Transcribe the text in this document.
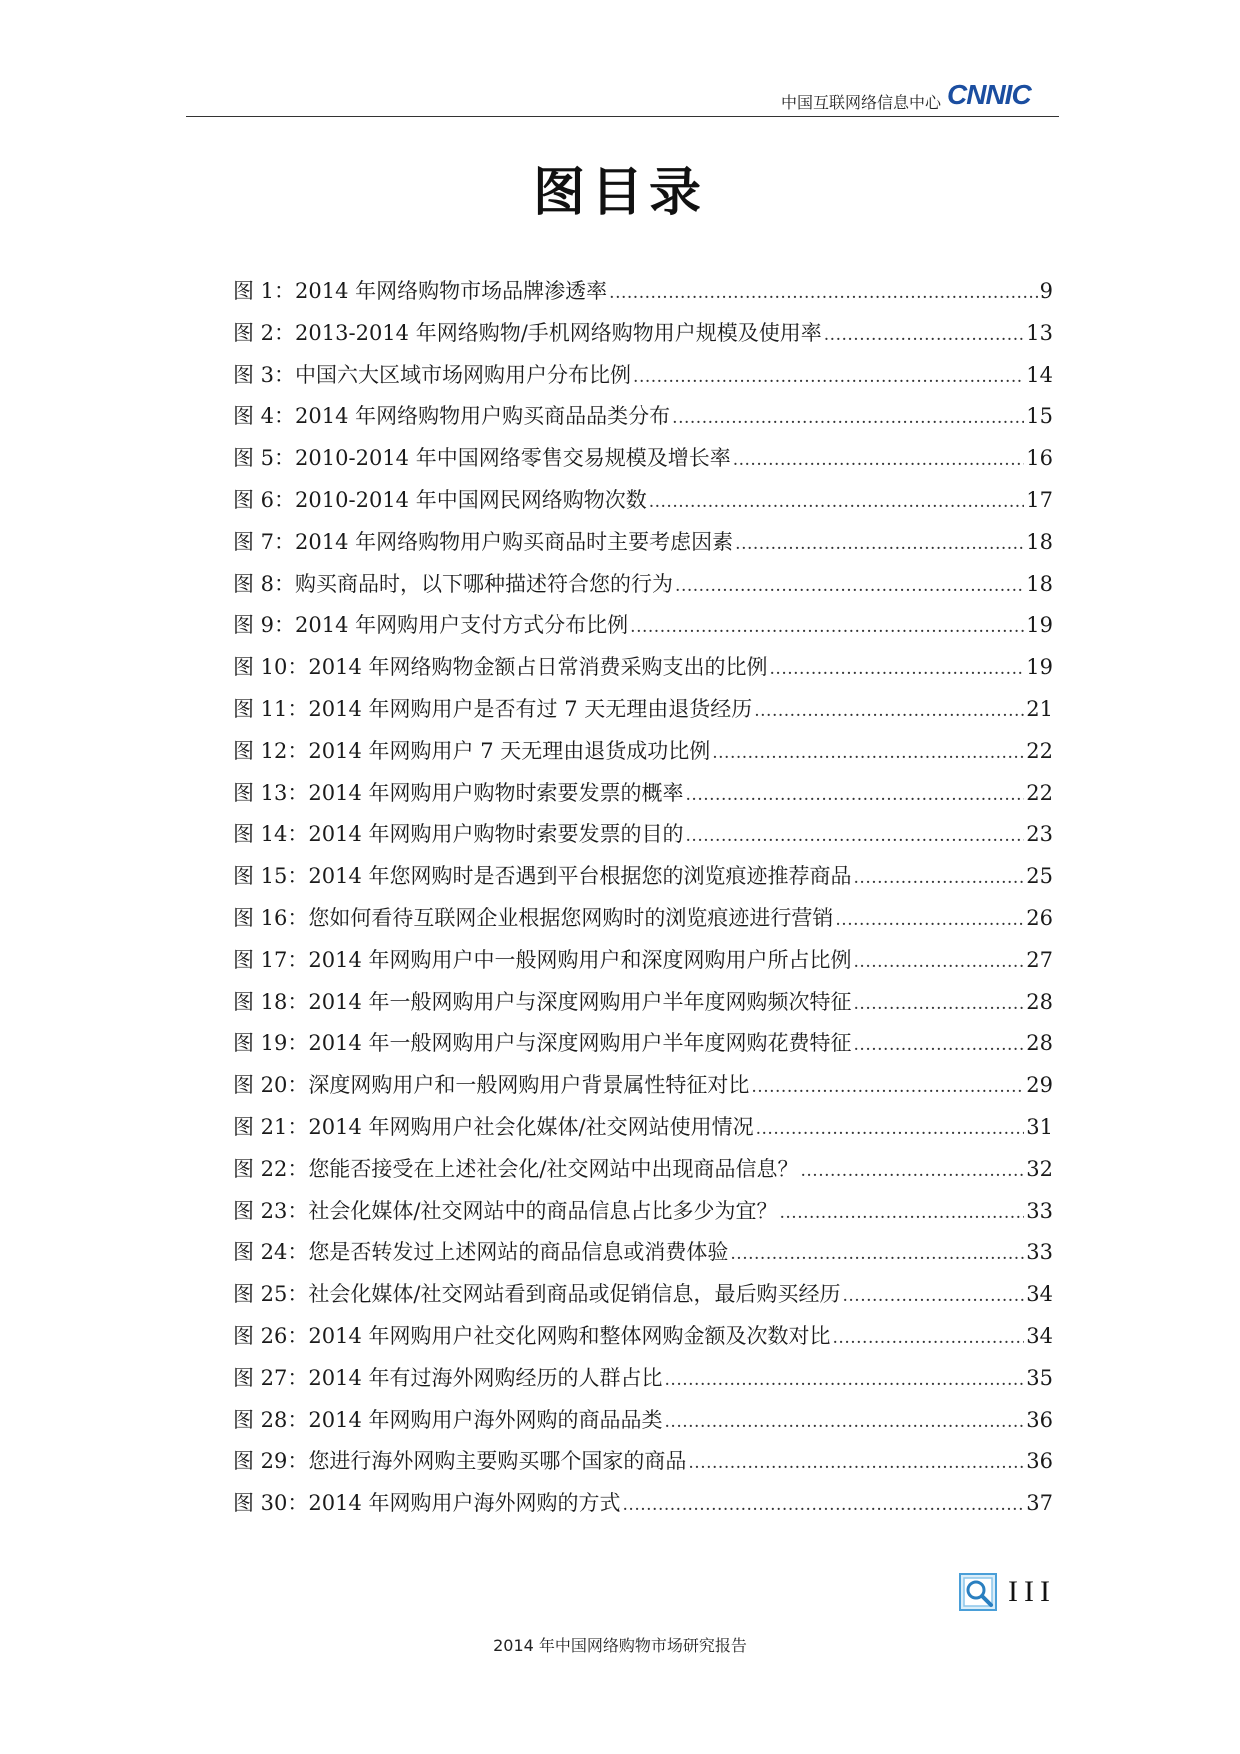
中国互联网络信息中心 CNNIC
图目录
图 1： 2014 年网络购物市场品牌渗透率 .....	9
图 2： 2013-2014 年网络购物/手机网络购物用户规模及使用率 .....	13
图 3： 中国六大区域市场网购用户分布比例 .....	14
图 4： 2014 年网络购物用户购买商品品类分布 .....	15
图 5： 2010-2014 年中国网络零售交易规模及增长率 .....	16
图 6： 2010-2014 年中国网民网络购物次数 .....	17
图 7： 2014 年网络购物用户购买商品时主要考虑因素 .....	18
图 8： 购买商品时，以下哪种描述符合您的行为 .....	18
图 9： 2014 年网购用户支付方式分布比例 .....	19
图 10： 2014 年网络购物金额占日常消费采购支出的比例 .....	19
图 11： 2014 年网购用户是否有过 7 天无理由退货经历 .....	21
图 12： 2014 年网购用户 7 天无理由退货成功比例 .....	22
图 13： 2014 年网购用户购物时索要发票的概率 .....	22
图 14： 2014 年网购用户购物时索要发票的目的 .....	23
图 15： 2014 年您网购时是否遇到平台根据您的浏览痕迹推荐商品 .....	25
图 16： 您如何看待互联网企业根据您网购时的浏览痕迹进行营销 .....	26
图 17： 2014 年网购用户中一般网购用户和深度网购用户所占比例 .....	27
图 18： 2014 年一般网购用户与深度网购用户半年度网购频次特征 .....	28
图 19： 2014 年一般网购用户与深度网购用户半年度网购花费特征 .....	28
图 20： 深度网购用户和一般网购用户背景属性特征对比 .....	29
图 21： 2014 年网购用户社会化媒体/社交网站使用情况 .....	31
图 22： 您能否接受在上述社会化/社交网站中出现商品信息？ .....	32
图 23： 社会化媒体/社交网站中的商品信息占比多少为宜？ .....	33
图 24： 您是否转发过上述网站的商品信息或消费体验 .....	33
图 25： 社会化媒体/社交网站看到商品或促销信息，最后购买经历 .....	34
图 26： 2014 年网购用户社交化网购和整体网购金额及次数对比 .....	34
图 27： 2014 年有过海外网购经历的人群占比 .....	35
图 28： 2014 年网购用户海外网购的商品品类 .....	36
图 29： 您进行海外网购主要购买哪个国家的商品 .....	36
图 30： 2014 年网购用户海外网购的方式 .....	37
III
2014 年中国网络购物市场研究报告
